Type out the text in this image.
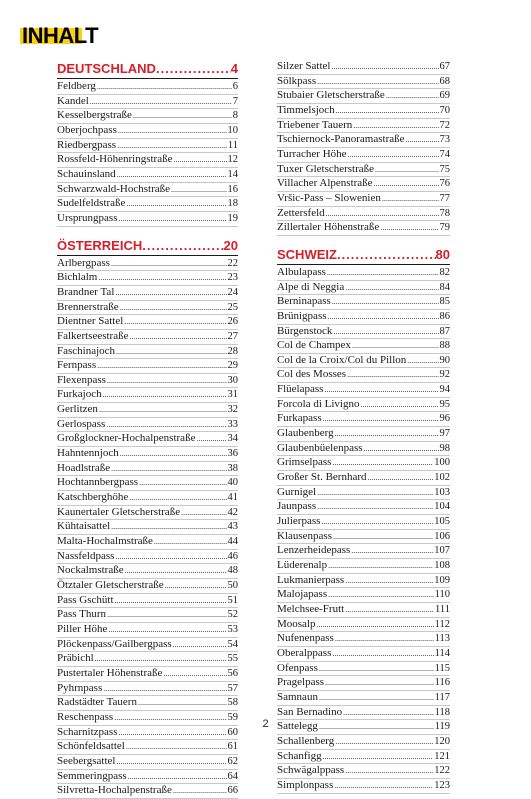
INHALT
DEUTSCHLAND .....	4
Feldberg .....	6
Kandel .....	7
Kesselbergstraße .....	8
Oberjochpass .....	10
Riedbergpass .....	11
Rossfeld-Höhenringstraße .....	12
Schauinsland .....	14
Schwarzwald-Hochstraße .....	16
Sudelfeldstraße .....	18
Ursprungpass .....	19
ÖSTERREICH .....	20
Arlbergpass .....	22
Bichlalm .....	23
Brandner Tal .....	24
Brennerstraße .....	25
Dientner Sattel .....	26
Falkertseestraße .....	27
Faschinajoch .....	28
Fernpass .....	29
Flexenpass .....	30
Furkajoch .....	31
Gerlitzen .....	32
Gerlospass .....	33
Großglockner-Hochalpenstraße .....	34
Hahntennjoch .....	36
Hoadlstraße .....	38
Hochtannbergpass .....	40
Katschberghöhe .....	41
Kaunertaler Gletscherstraße .....	42
Kühtaisattel .....	43
Malta-Hochalmstraße .....	44
Nassfeldpass .....	46
Nockalmstraße .....	48
Ötztaler Gletscherstraße .....	50
Pass Gschütt .....	51
Pass Thurn .....	52
Piller Höhe .....	53
Plöckenpass/Gailbergpass .....	54
Präbichl .....	55
Pustertaler Höhenstraße .....	56
Pyhrnpass .....	57
Radstädter Tauern .....	58
Reschenpass .....	59
Scharnitzpass .....	60
Schönfeldsattel .....	61
Seebergsattel .....	62
Semmeringpass .....	64
Silvretta-Hochalpenstraße .....	66
Silzer Sattel .....	67
Sölkpass .....	68
Stubaier Gletscherstraße .....	69
Timmelsjoch .....	70
Triebener Tauern .....	72
Tschiernock-Panoramastraße .....	73
Turracher Höhe .....	74
Tuxer Gletscherstraße .....	75
Villacher Alpenstraße .....	76
Vršic-Pass – Slowenien .....	77
Zettersfeld .....	78
Zillertaler Höhenstraße .....	79
SCHWEIZ .....	80
Albulapass .....	82
Alpe di Neggia .....	84
Berninapass .....	85
Brünigpass .....	86
Bürgenstock .....	87
Col de Champex .....	88
Col de la Croix/Col du Pillon .....	90
Col des Mosses .....	92
Flüelapass .....	94
Forcola di Livigno .....	95
Furkapass .....	96
Glaubenberg .....	97
Glaubenbüelenpass .....	98
Grimselpass .....	100
Großer St. Bernhard .....	102
Gurnigel .....	103
Jaunpass .....	104
Julierpass .....	105
Klausenpass .....	106
Lenzerheidepass .....	107
Lüderenalp .....	108
Lukmanierpass .....	109
Malojapass .....	110
Melchsee-Frutt .....	111
Moosalp .....	112
Nufenenpass .....	113
Oberalppass .....	114
Ofenpass .....	115
Pragelpass .....	116
Samnaun .....	117
San Bernadino .....	118
Sattelegg .....	119
Schallenberg .....	120
Schanfigg .....	121
Schwägalppass .....	122
Simplonpass .....	123
2
